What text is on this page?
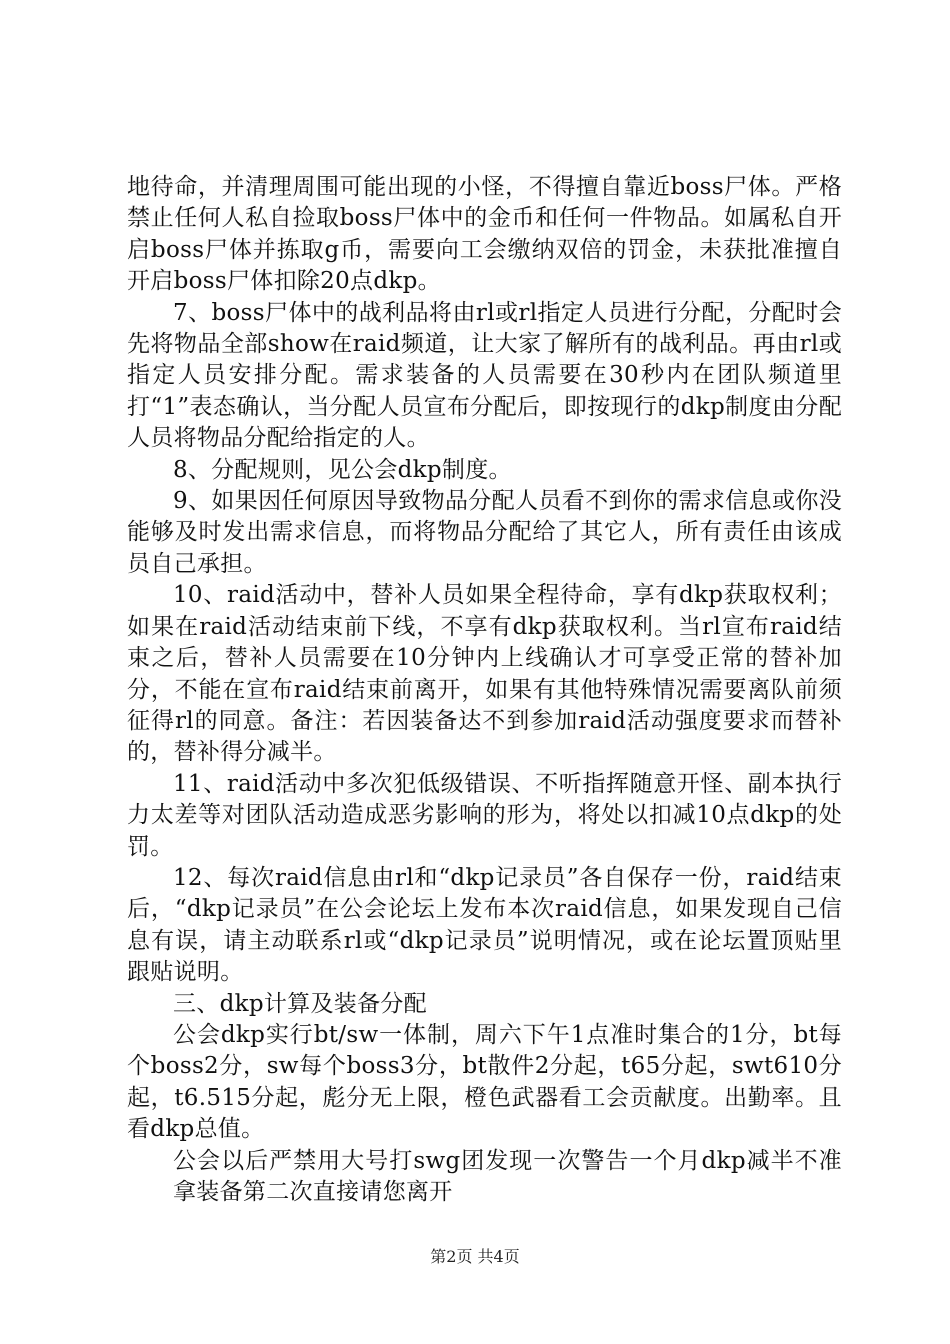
地待命，并清理周围可能出现的小怪，不得擅自靠近boss尸体。严格禁止任何人私自捡取boss尸体中的金币和任何一件物品。如属私自开启boss尸体并拣取g币，需要向工会缴纳双倍的罚金，未获批准擅自开启boss尸体扣除20点dkp。

7、boss尸体中的战利品将由rl或rl指定人员进行分配，分配时会先将物品全部show在raid频道，让大家了解所有的战利品。再由rl或指定人员安排分配。需求装备的人员需要在30秒内在团队频道里打“1”表态确认，当分配人员宣布分配后，即按现行的dkp制度由分配人员将物品分配给指定的人。

8、分配规则，见公会dkp制度。

9、如果因任何原因导致物品分配人员看不到你的需求信息或你没能够及时发出需求信息，而将物品分配给了其它人，所有责任由该成员自己承担。

10、raid活动中，替补人员如果全程待命，享有dkp获取权利；如果在raid活动结束前下线，不享有dkp获取权利。当rl宣布raid结束之后，替补人员需要在10分钟内上线确认才可享受正常的替补加分，不能在宣布raid结束前离开，如果有其他特殊情况需要离队前须征得rl的同意。备注：若因装备达不到参加raid活动强度要求而替补的，替补得分减半。

11、raid活动中多次犯低级错误、不听指挥随意开怪、副本执行力太差等对团队活动造成恶劣影响的形为，将处以扣减10点dkp的处罚。

12、每次raid信息由rl和“dkp记录员”各自保存一份，raid结束后，“dkp记录员”在公会论坛上发布本次raid信息，如果发现自己信息有误，请主动联系rl或“dkp记录员”说明情况，或在论坛置顶贴里跟贴说明。

三、dkp计算及装备分配

公会dkp实行bt/sw一体制，周六下午1点准时集合的1分，bt每个boss2分，sw每个boss3分，bt散件2分起，t65分起，swt610分起，t6.515分起，彪分无上限，橙色武器看工会贡献度。出勤率。且看dkp总值。

公会以后严禁用大号打swg团发现一次警告一个月dkp减半不准拿装备第二次直接请您离开

第2页 共4页
